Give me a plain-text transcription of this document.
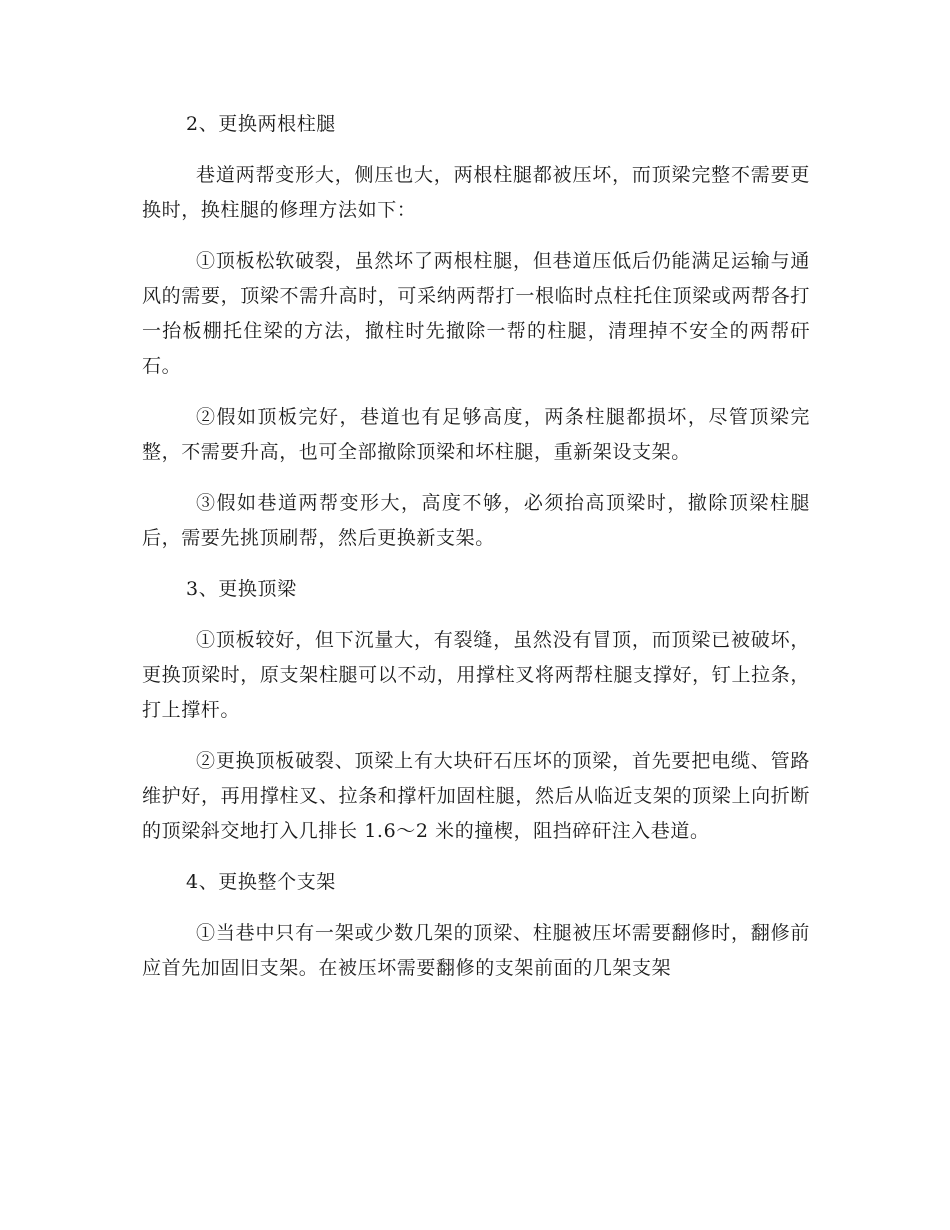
2、更换两根柱腿

巷道两帮变形大，侧压也大，两根柱腿都被压坏，而顶梁完整不需要更换时，换柱腿的修理方法如下：

①顶板松软破裂，虽然坏了两根柱腿，但巷道压低后仍能满足运输与通风的需要，顶梁不需升高时，可采纳两帮打一根临时点柱托住顶梁或两帮各打一抬板棚托住梁的方法，撤柱时先撤除一帮的柱腿，清理掉不安全的两帮矸石。

②假如顶板完好，巷道也有足够高度，两条柱腿都损坏，尽管顶梁完整，不需要升高，也可全部撤除顶梁和坏柱腿，重新架设支架。

③假如巷道两帮变形大，高度不够，必须抬高顶梁时，撤除顶梁柱腿后，需要先挑顶刷帮，然后更换新支架。

3、更换顶梁

①顶板较好，但下沉量大，有裂缝，虽然没有冒顶，而顶梁已被破坏，更换顶梁时，原支架柱腿可以不动，用撑柱叉将两帮柱腿支撑好，钉上拉条，打上撑杆。

②更换顶板破裂、顶梁上有大块矸石压坏的顶梁，首先要把电缆、管路维护好，再用撑柱叉、拉条和撑杆加固柱腿，然后从临近支架的顶梁上向折断的顶梁斜交地打入几排长 1.6～2 米的撞楔，阻挡碎矸注入巷道。

4、更换整个支架

①当巷中只有一架或少数几架的顶梁、柱腿被压坏需要翻修时，翻修前应首先加固旧支架。在被压坏需要翻修的支架前面的几架支架
